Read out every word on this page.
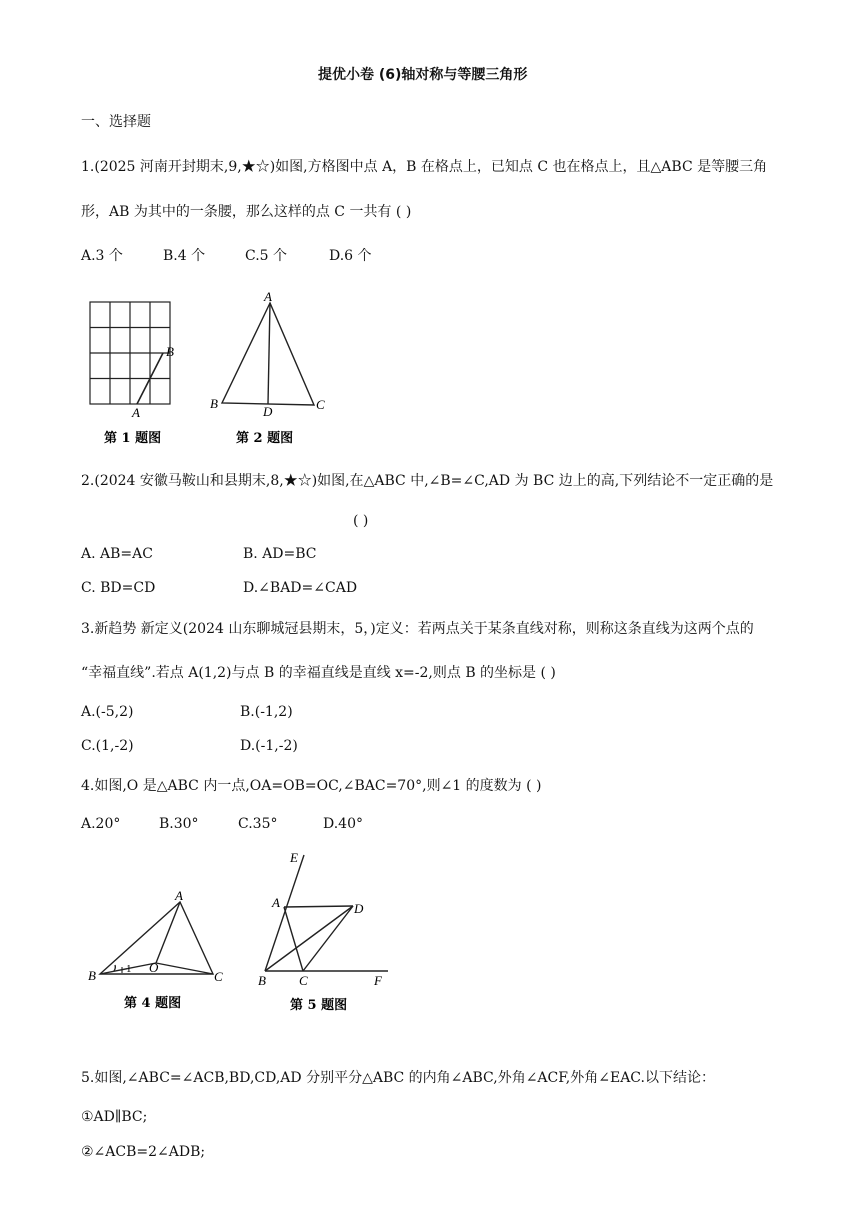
提优小卷 (6)轴对称与等腰三角形
一、选择题
1.(2025 河南开封期末,9,★☆)如图,方格图中点 A，B 在格点上，已知点 C 也在格点上，且△ABC 是等腰三角
形，AB 为其中的一条腰，那么这样的点 C 一共有 ( )
A.3 个	B.4 个	C.5 个	D.6 个
A
B
第 1 题图
A
B	C
D
第 2 题图
2.(2024 安徽马鞍山和县期末,8,★☆)如图,在△ABC 中,∠B=∠C,AD 为 BC 边上的高,下列结论不一定正确的是
( )
A. AB=AC	B. AD=BC
C. BD=CD	D.∠BAD=∠CAD
3.新趋势 新定义(2024 山东聊城冠县期末，5，)定义：若两点关于某条直线对称，则称这条直线为这两个点的
“幸福直线”.若点 A(1,2)与点 B 的幸福直线是直线 x=-2,则点 B 的坐标是 ( )
A.(-5,2)	B.(-1,2)
C.(1,-2)	D.(-1,-2)
4.如图,O 是△ABC 内一点,OA=OB=OC,∠BAC=70°,则∠1 的度数为 ( )
A.20°	B.30°	C.35°	D.40°
A
B	C
O
1
第 4 题图
E
A	D
B	C	F
第 5 题图
5.如图,∠ABC=∠ACB,BD,CD,AD 分别平分△ABC 的内角∠ABC,外角∠ACF,外角∠EAC.以下结论：
①AD∥BC;
②∠ACB=2∠ADB;
